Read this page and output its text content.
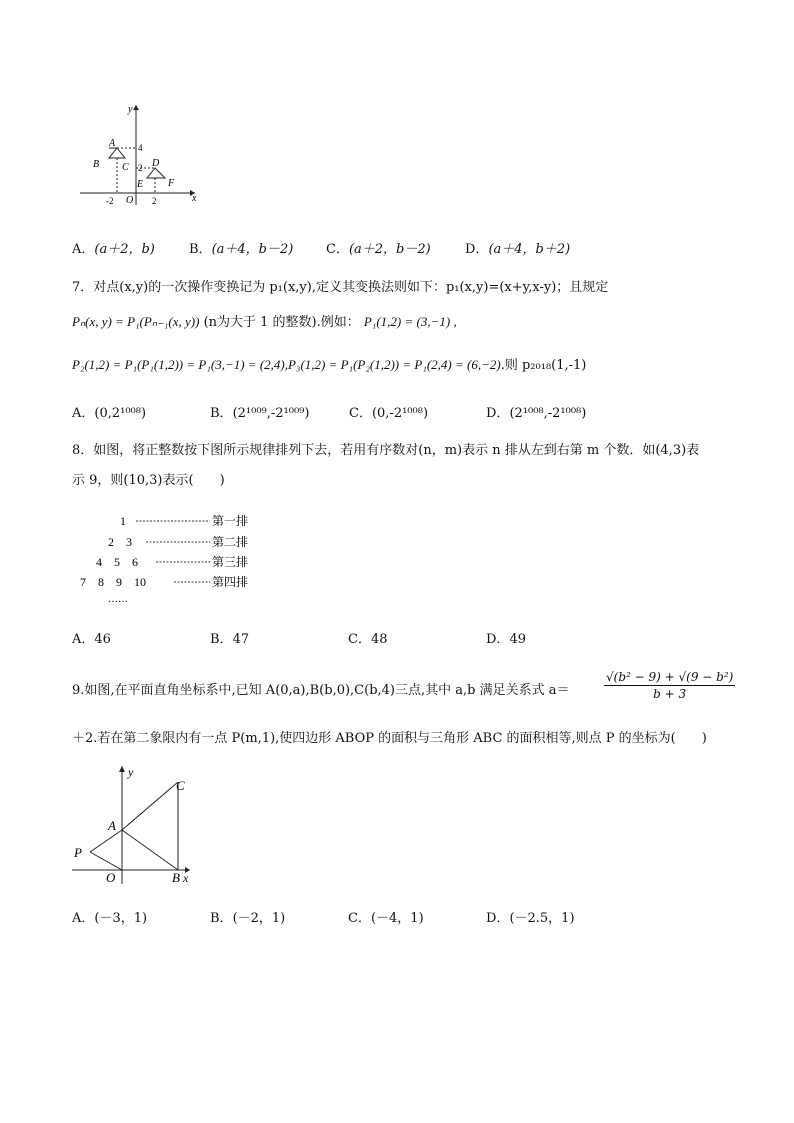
y
x
O
A
B C D
E F
4
2
-2	2
A．(a＋2，b)	B．(a＋4，b－2)	C．(a＋2，b－2)	D．(a＋4，b＋2)
7．对点(x,y)的一次操作变换记为 p₁(x,y),定义其变换法则如下：p₁(x,y)=(x+y,x-y)；且规定
Pₙ(x, y) = P₁(Pₙ₋₁(x, y)) (n为大于 1 的整数).例如： P₁(1,2) = (3,−1) ,
P₂(1,2) = P₁(P₁(1,2)) = P₁(3,−1) = (2,4),P₃(1,2) = P₁(P₂(1,2)) = P₁(2,4) = (6,−2).则 p₂₀₁₈(1,-1)
A．(0,2¹⁰⁰⁸)	B．(2¹⁰⁰⁹,-2¹⁰⁰⁹)	C．(0,-2¹⁰⁰⁸)	D．(2¹⁰⁰⁸,-2¹⁰⁰⁸)
8．如图，将正整数按下图所示规律排列下去，若用有序数对(n，m)表示 n 排从左到右第 m 个数．如(4,3)表
示 9，则(10,3)表示(　　)
1	第一排
2　3	第二排
4　5　6	第三排
7　8　9　10	第四排
……
A．46	B．47	C．48	D．49
9.如图,在平面直角坐标系中,已知 A(0,a),B(b,0),C(b,4)三点,其中 a,b 满足关系式 a＝	$\frac{\text{√(b² − 9) + √(9 − b²)}}{b + 3}$
＋2.若在第二象限内有一点 P(m,1),使四边形 ABOP 的面积与三角形 ABC 的面积相等,则点 P 的坐标为(　　)
y
C
A
P
O	B x
A．(－3，1)	B．(－2，1)	C．(－4，1)	D．(－2.5，1)
